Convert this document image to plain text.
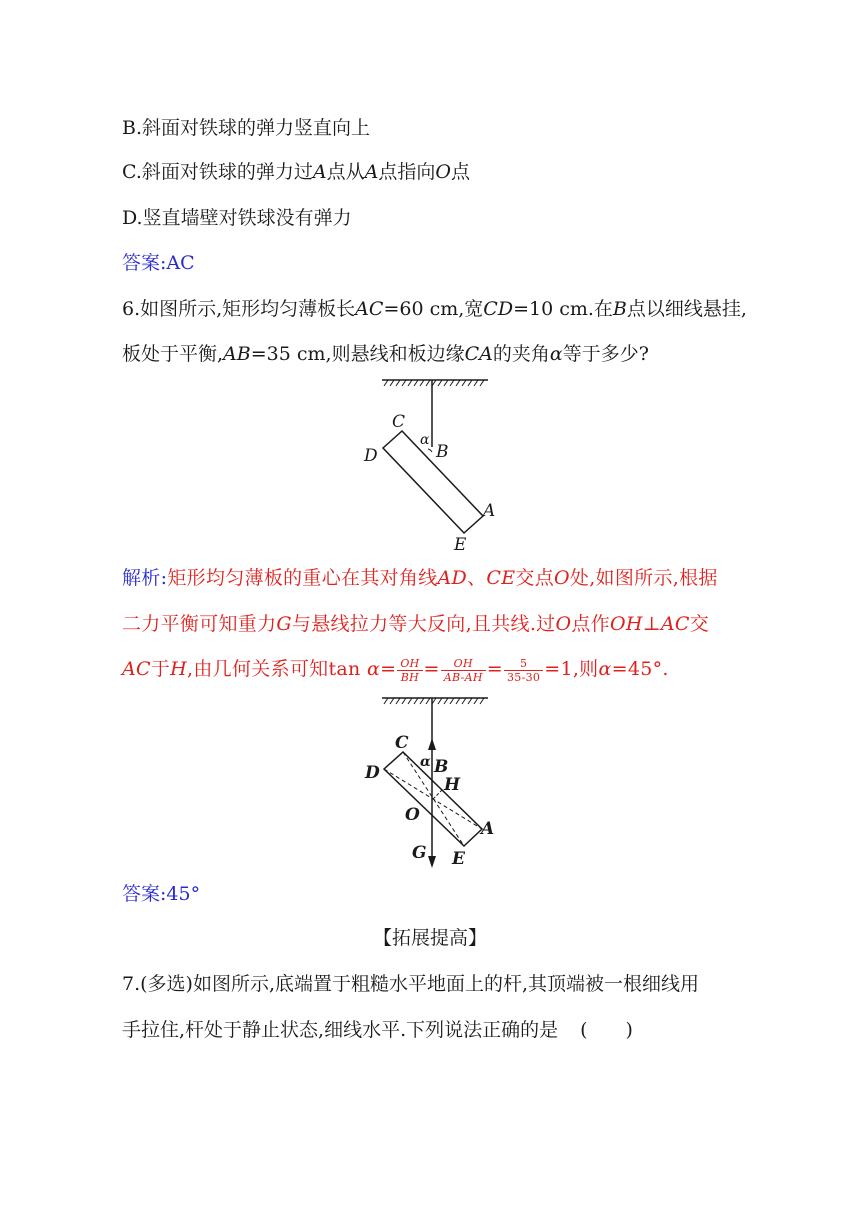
B.斜面对铁球的弹力竖直向上
C.斜面对铁球的弹力过A点从A点指向O点
D.竖直墙壁对铁球没有弹力
答案:AC
6.如图所示,矩形均匀薄板长AC=60 cm,宽CD=10 cm.在B点以细线悬挂,
板处于平衡,AB=35 cm,则悬线和板边缘CA的夹角α等于多少?
C
D
α
B
A
E
解析:矩形均匀薄板的重心在其对角线AD、CE交点O处,如图所示,根据
二力平衡可知重力G与悬线拉力等大反向,且共线.过O点作OH⊥AC交
AC于H,由几何关系可知$\tan \alpha= \frac{OH}{BH} = \frac{OH}{AB-AH} = \frac{5}{35-30} =1$,则α=45°.
C
D
α B
H
O
A
G E
答案:45°
【拓展提高】
7.(多选)如图所示,底端置于粗糙水平地面上的杆,其顶端被一根细线用
手拉住,杆处于静止状态,细线水平.下列说法正确的是 (　　)
